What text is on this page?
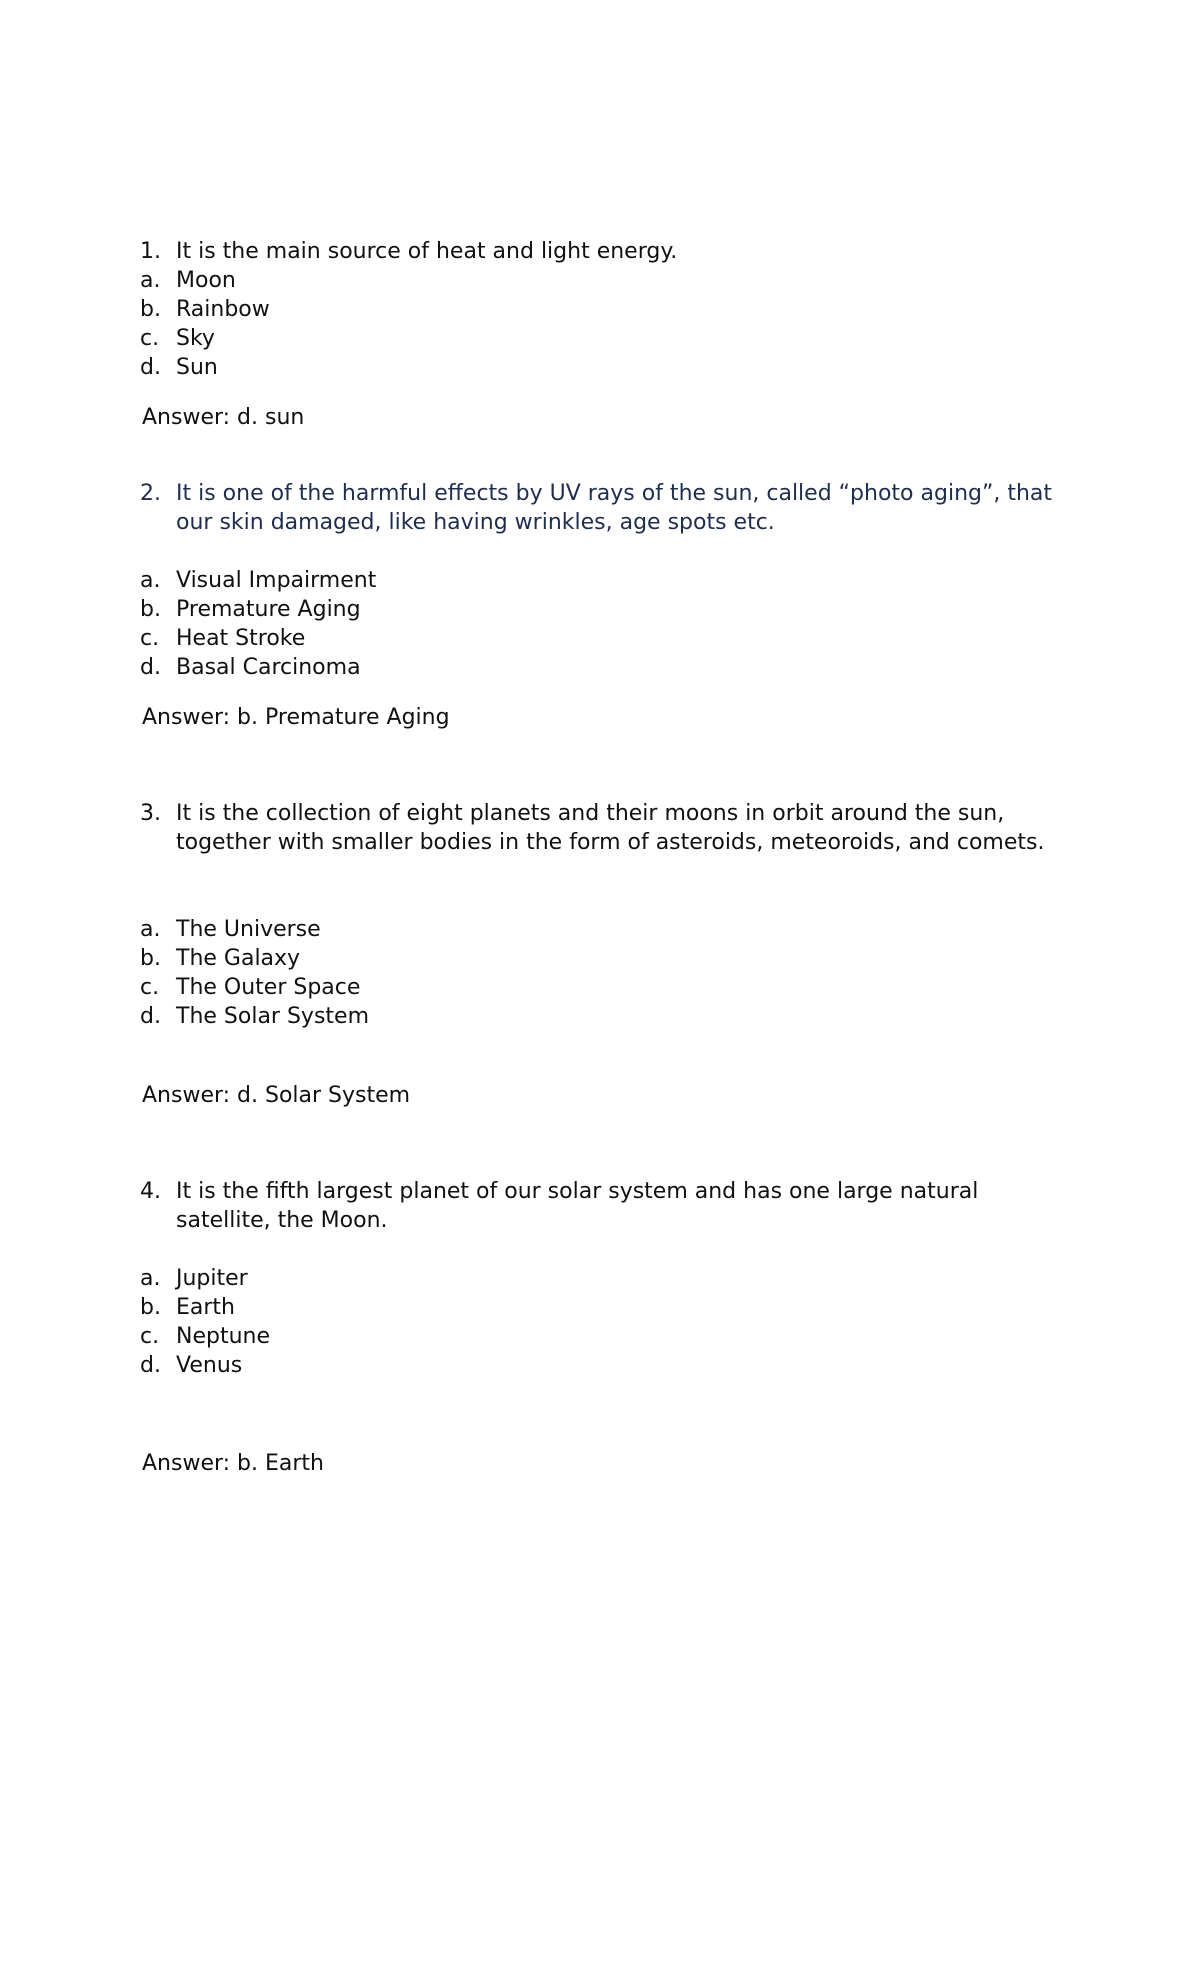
1. It is the main source of heat and light energy.
a. Moon
b. Rainbow
c. Sky
d. Sun
Answer: d. sun
2. It is one of the harmful effects by UV rays of the sun, called “photo aging”, that our skin damaged, like having wrinkles, age spots etc.
a. Visual Impairment
b. Premature Aging
c. Heat Stroke
d. Basal Carcinoma
Answer: b. Premature Aging
3. It is the collection of eight planets and their moons in orbit around the sun, together with smaller bodies in the form of asteroids, meteoroids, and comets.
a. The Universe
b. The Galaxy
c. The Outer Space
d. The Solar System
Answer: d. Solar System
4. It is the fifth largest planet of our solar system and has one large natural satellite, the Moon.
a. Jupiter
b. Earth
c. Neptune
d. Venus
Answer: b. Earth
